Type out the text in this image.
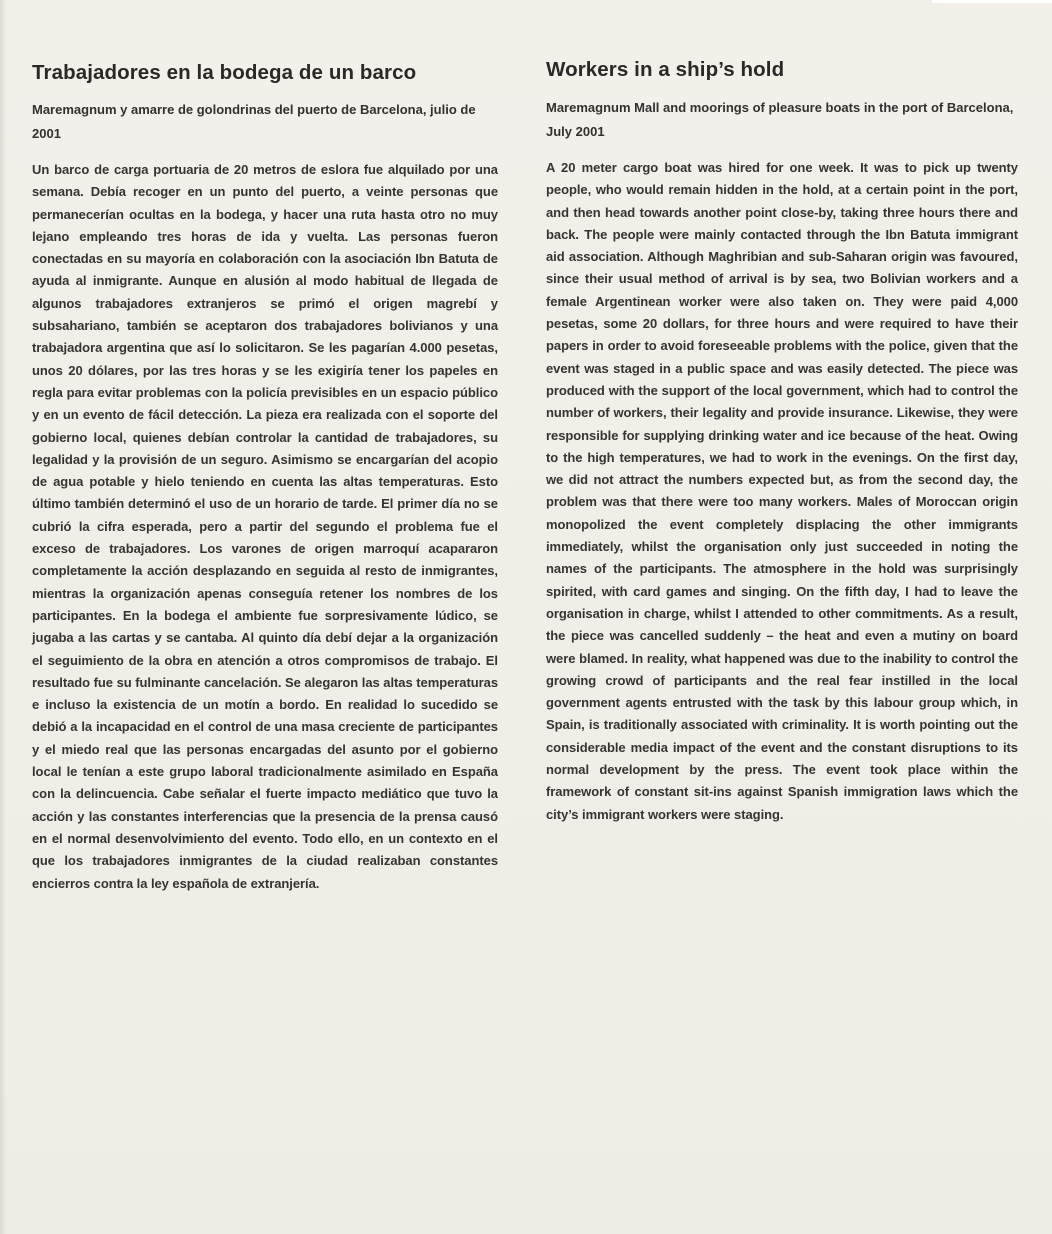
Trabajadores en la bodega de un barco

Maremagnum y amarre de golondrinas del puerto de Barcelona, julio de 2001

Un barco de carga portuaria de 20 metros de eslora fue alquilado por una semana. Debía recoger en un punto del puerto, a veinte personas que permanecerían ocultas en la bodega, y hacer una ruta hasta otro no muy lejano empleando tres horas de ida y vuelta. Las personas fueron conectadas en su mayoría en colaboración con la asociación Ibn Batuta de ayuda al inmigrante. Aunque en alusión al modo habitual de llegada de algunos trabajadores extranjeros se primó el origen magrebí y subsahariano, también se aceptaron dos trabajadores bolivianos y una trabajadora argentina que así lo solicitaron. Se les pagarían 4.000 pesetas, unos 20 dólares, por las tres horas y se les exigiría tener los papeles en regla para evitar problemas con la policía previsibles en un espacio público y en un evento de fácil detección. La pieza era realizada con el soporte del gobierno local, quienes debían controlar la cantidad de trabajadores, su legalidad y la provisión de un seguro. Asimismo se encargarían del acopio de agua potable y hielo teniendo en cuenta las altas temperaturas. Esto último también determinó el uso de un horario de tarde. El primer día no se cubrió la cifra esperada, pero a partir del segundo el problema fue el exceso de trabajadores. Los varones de origen marroquí acapararon completamente la acción desplazando en seguida al resto de inmigrantes, mientras la organización apenas conseguía retener los nombres de los participantes. En la bodega el ambiente fue sorpresivamente lúdico, se jugaba a las cartas y se cantaba. Al quinto día debí dejar a la organización el seguimiento de la obra en atención a otros compromisos de trabajo. El resultado fue su fulminante cancelación. Se alegaron las altas temperaturas e incluso la existencia de un motín a bordo. En realidad lo sucedido se debió a la incapacidad en el control de una masa creciente de participantes y el miedo real que las personas encargadas del asunto por el gobierno local le tenían a este grupo laboral tradicionalmente asimilado en España con la delincuencia. Cabe señalar el fuerte impacto mediático que tuvo la acción y las constantes interferencias que la presencia de la prensa causó en el normal desenvolvimiento del evento. Todo ello, en un contexto en el que los trabajadores inmigrantes de la ciudad realizaban constantes encierros contra la ley española de extranjería.

Workers in a ship’s hold

Maremagnum Mall and moorings of pleasure boats in the port of Barcelona, July 2001

A 20 meter cargo boat was hired for one week. It was to pick up twenty people, who would remain hidden in the hold, at a certain point in the port, and then head towards another point close-by, taking three hours there and back. The people were mainly contacted through the Ibn Batuta immigrant aid association. Although Maghribian and sub-Saharan origin was favoured, since their usual method of arrival is by sea, two Bolivian workers and a female Argentinean worker were also taken on. They were paid 4,000 pesetas, some 20 dollars, for three hours and were required to have their papers in order to avoid foreseeable problems with the police, given that the event was staged in a public space and was easily detected. The piece was produced with the support of the local government, which had to control the number of workers, their legality and provide insurance. Likewise, they were responsible for supplying drinking water and ice because of the heat. Owing to the high temperatures, we had to work in the evenings. On the first day, we did not attract the numbers expected but, as from the second day, the problem was that there were too many workers. Males of Moroccan origin monopolized the event completely displacing the other immigrants immediately, whilst the organisation only just succeeded in noting the names of the participants. The atmosphere in the hold was surprisingly spirited, with card games and singing. On the fifth day, I had to leave the organisation in charge, whilst I attended to other commitments. As a result, the piece was cancelled suddenly – the heat and even a mutiny on board were blamed. In reality, what happened was due to the inability to control the growing crowd of participants and the real fear instilled in the local government agents entrusted with the task by this labour group which, in Spain, is traditionally associated with criminality. It is worth pointing out the considerable media impact of the event and the constant disruptions to its normal development by the press. The event took place within the framework of constant sit-ins against Spanish immigration laws which the city’s immigrant workers were staging.
